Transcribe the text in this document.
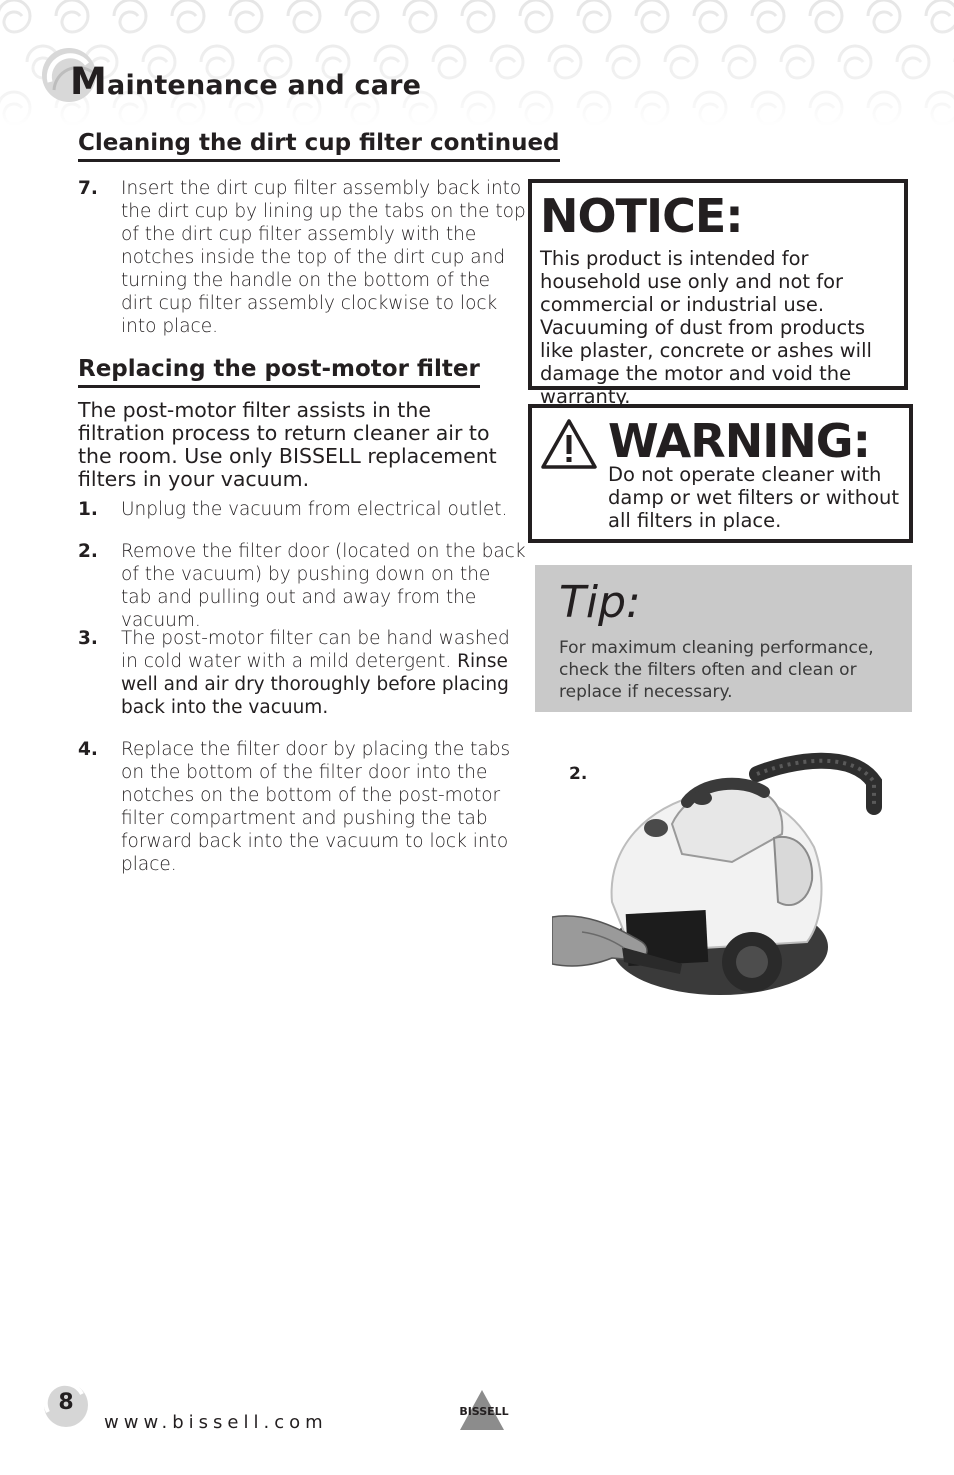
Maintenance and care
Cleaning the dirt cup filter continued
7. Insert the dirt cup filter assembly back into the dirt cup by lining up the tabs on the top of the dirt cup filter assembly with the notches inside the top of the dirt cup and turning the handle on the bottom of the dirt cup filter assembly clockwise to lock into place.
Replacing the post-motor filter
The post-motor filter assists in the filtration process to return cleaner air to the room. Use only BISSELL replacement filters in your vacuum.
1. Unplug the vacuum from electrical outlet.
2. Remove the filter door (located on the back of the vacuum) by pushing down on the tab and pulling out and away from the vacuum.
3. The post-motor filter can be hand washed in cold water with a mild detergent. Rinse well and air dry thoroughly before placing back into the vacuum.
4. Replace the filter door by placing the tabs on the bottom of the filter door into the notches on the bottom of the post-motor filter compartment and pushing the tab forward back into the vacuum to lock into place.
NOTICE:
This product is intended for household use only and not for commercial or industrial use. Vacuuming of dust from products like plaster, concrete or ashes will damage the motor and void the warranty.
WARNING:
Do not operate cleaner with damp or wet filters or without all filters in place.
Tip:
For maximum cleaning performance, check the filters often and clean or replace if necessary.
2.
8
www.bissell.com
BISSELL
